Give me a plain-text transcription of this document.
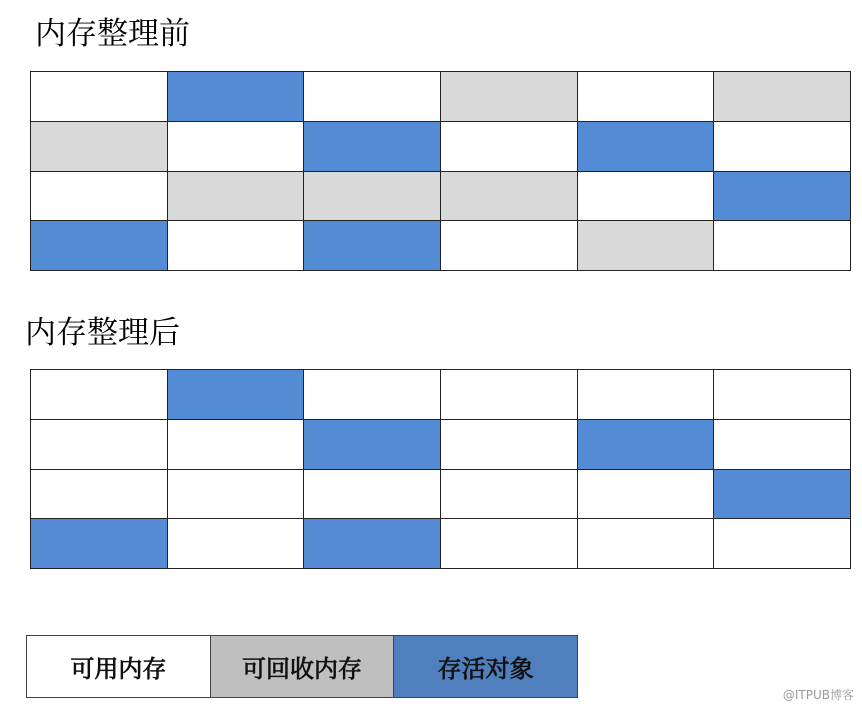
内存整理前
内存整理后
可用内存	可回收内存	存活对象
@ITPUB博客
